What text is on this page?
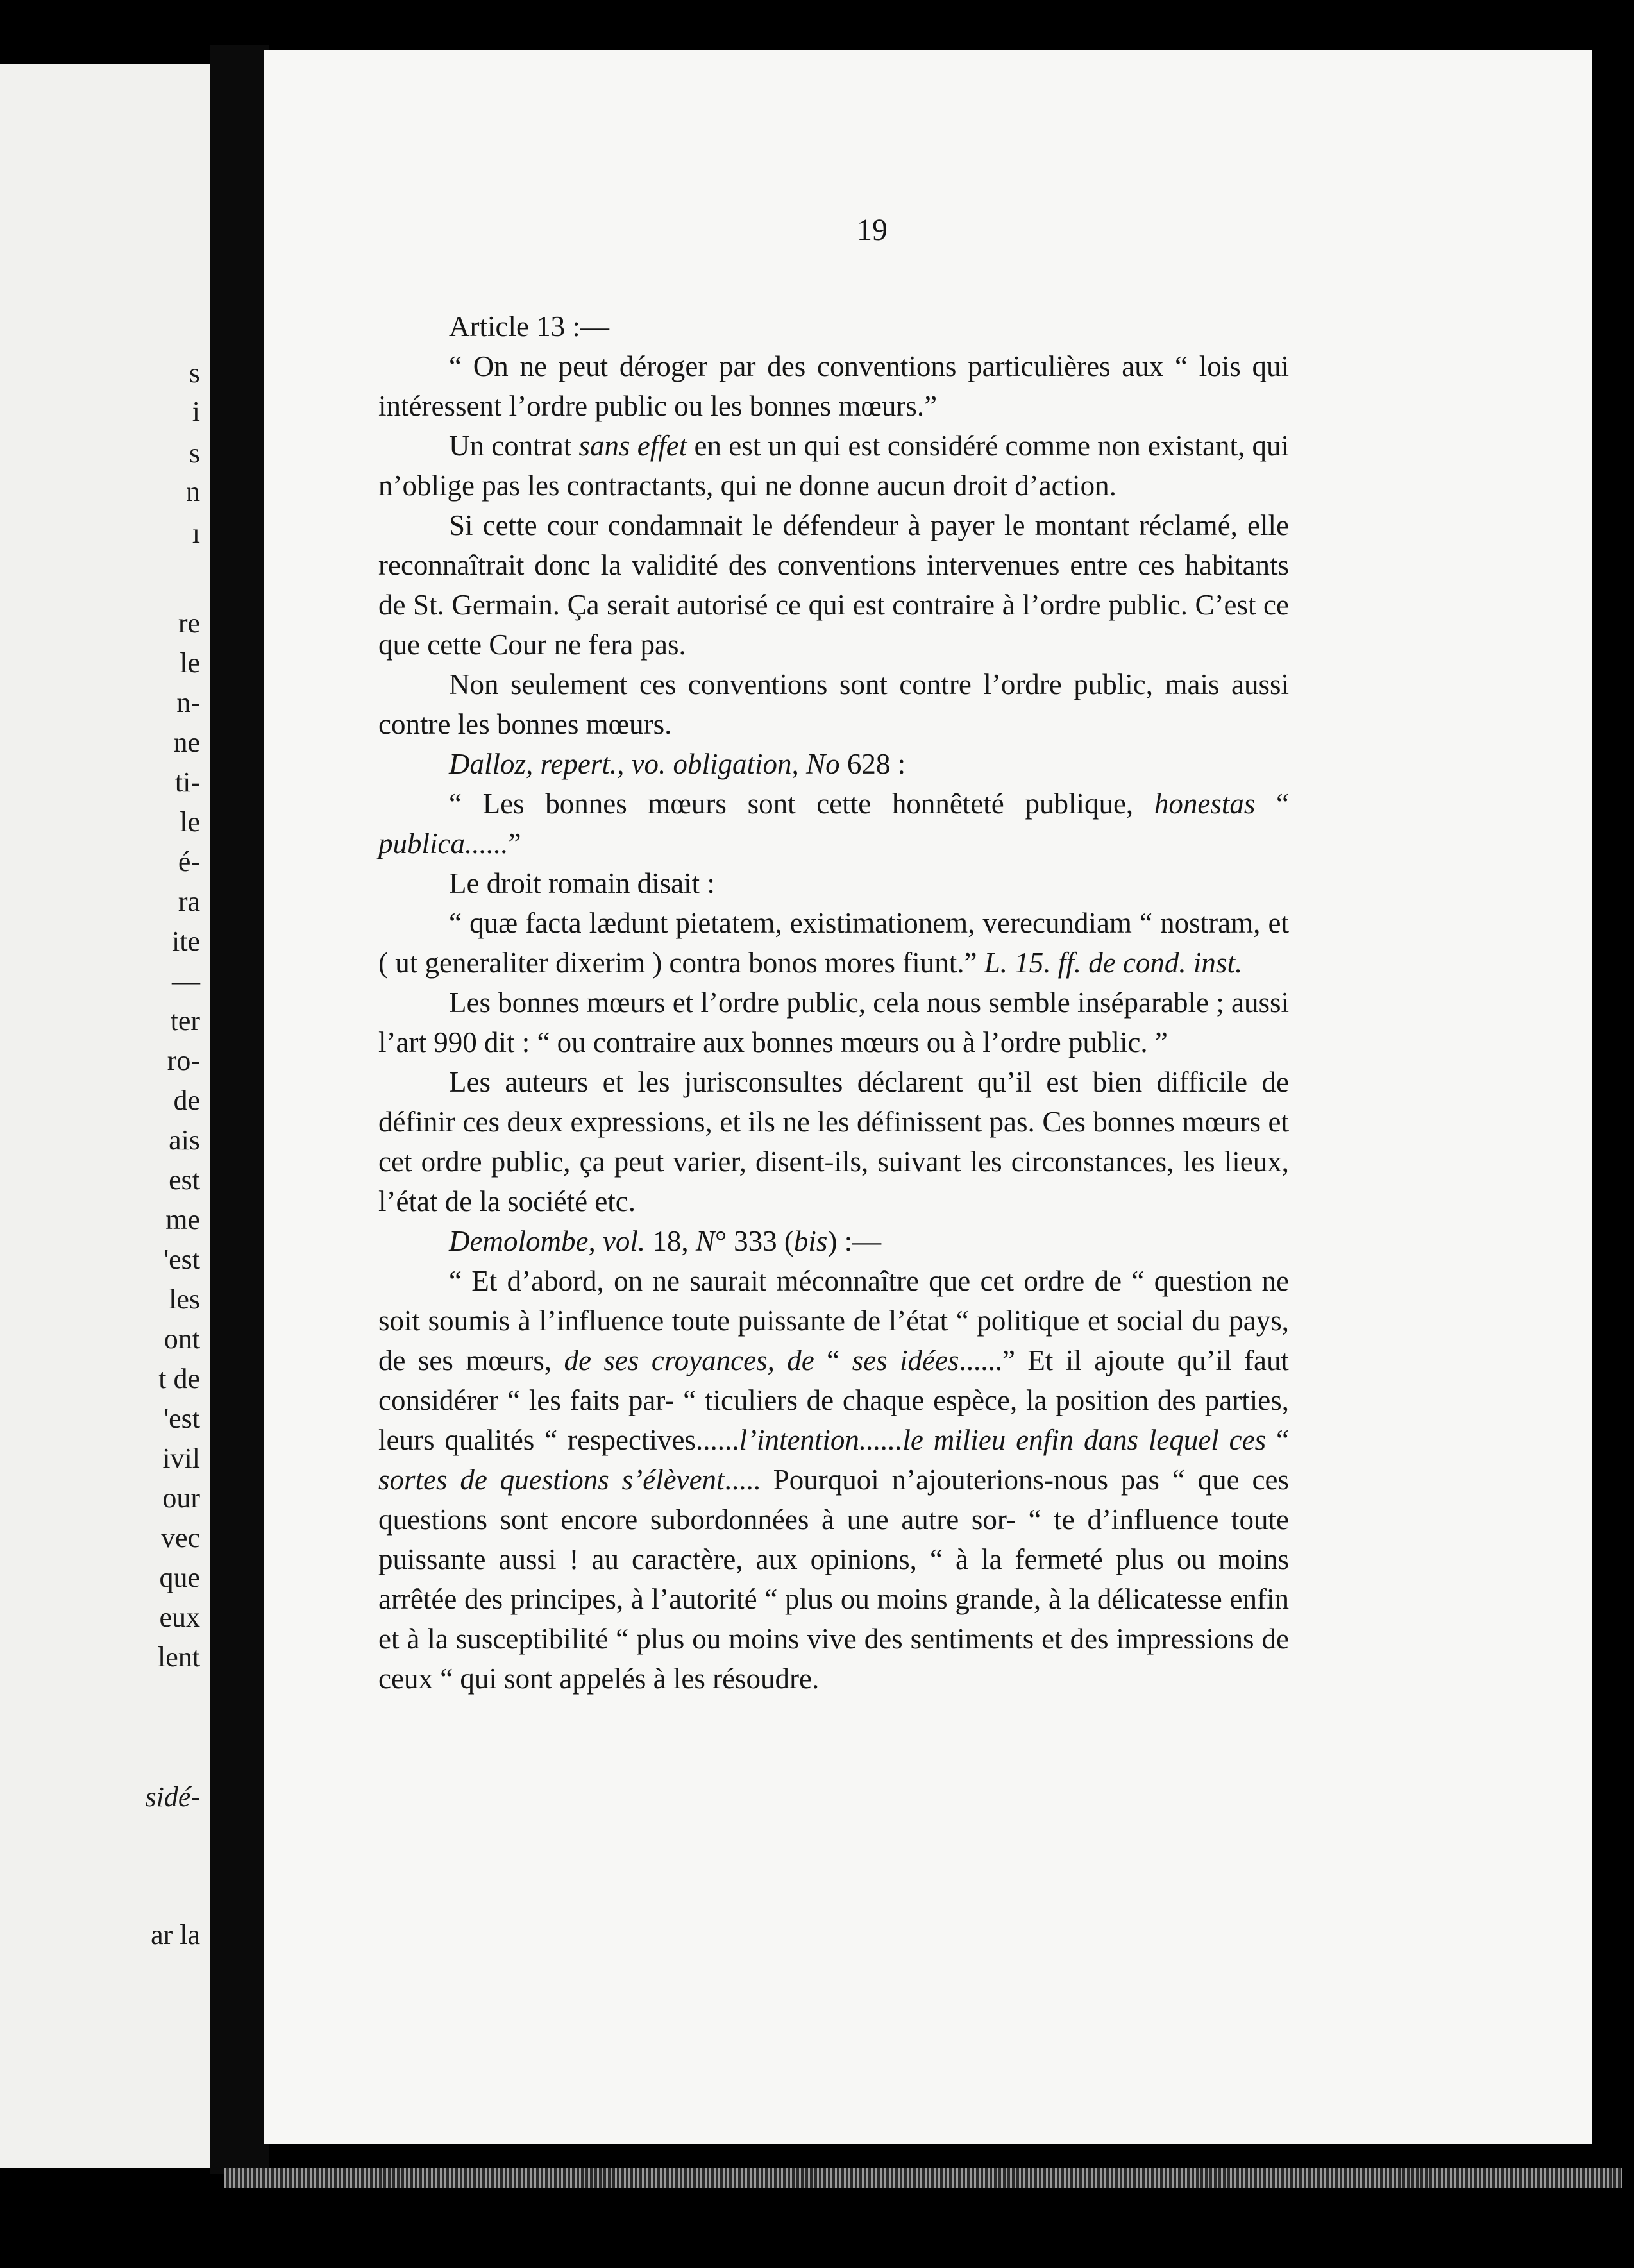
s
i
s
n
ı
re
le
n-
ne
ti-
le
é-
ra
ite
—
ter
ro-
de
ais
est
me
'est
les
ont
t de
'est
ivil
our
vec
que
eux
lent
sidé-
ar la
19

Article 13 :—

“ On ne peut déroger par des conventions particulières aux “ lois qui intéressent l’ordre public ou les bonnes mœurs.”

Un contrat sans effet en est un qui est considéré comme non existant, qui n’oblige pas les contractants, qui ne donne aucun droit d’action.

Si cette cour condamnait le défendeur à payer le montant réclamé, elle reconnaîtrait donc la validité des conventions intervenues entre ces habitants de St. Germain. Ça serait autorisé ce qui est contraire à l’ordre public. C’est ce que cette Cour ne fera pas.

Non seulement ces conventions sont contre l’ordre public, mais aussi contre les bonnes mœurs.

Dalloz, repert., vo. obligation, No 628 :

“ Les bonnes mœurs sont cette honnêteté publique, honestas “ publica......”

Le droit romain disait :

“ quæ facta lædunt pietatem, existimationem, verecundiam “ nostram, et ( ut generaliter dixerim ) contra bonos mores fiunt.” L. 15. ff. de cond. inst.

Les bonnes mœurs et l’ordre public, cela nous semble inséparable ; aussi l’art 990 dit : “ ou contraire aux bonnes mœurs ou à l’ordre public. ”

Les auteurs et les jurisconsultes déclarent qu’il est bien difficile de définir ces deux expressions, et ils ne les définissent pas. Ces bonnes mœurs et cet ordre public, ça peut varier, disent-ils, suivant les circonstances, les lieux, l’état de la société etc.

Demolombe, vol. 18, N° 333 (bis) :—

“ Et d’abord, on ne saurait méconnaître que cet ordre de “ question ne soit soumis à l’influence toute puissante de l’état “ politique et social du pays, de ses mœurs, de ses croyances, de “ ses idées......” Et il ajoute qu’il faut considérer “ les faits par- “ ticuliers de chaque espèce, la position des parties, leurs qualités “ respectives......l’intention......le milieu enfin dans lequel ces “ sortes de questions s’élèvent..... Pourquoi n’ajouterions-nous pas “ que ces questions sont encore subordonnées à une autre sor- “ te d’influence toute puissante aussi ! au caractère, aux opinions, “ à la fermeté plus ou moins arrêtée des principes, à l’autorité “ plus ou moins grande, à la délicatesse enfin et à la susceptibilité “ plus ou moins vive des sentiments et des impressions de ceux “ qui sont appelés à les résoudre.
